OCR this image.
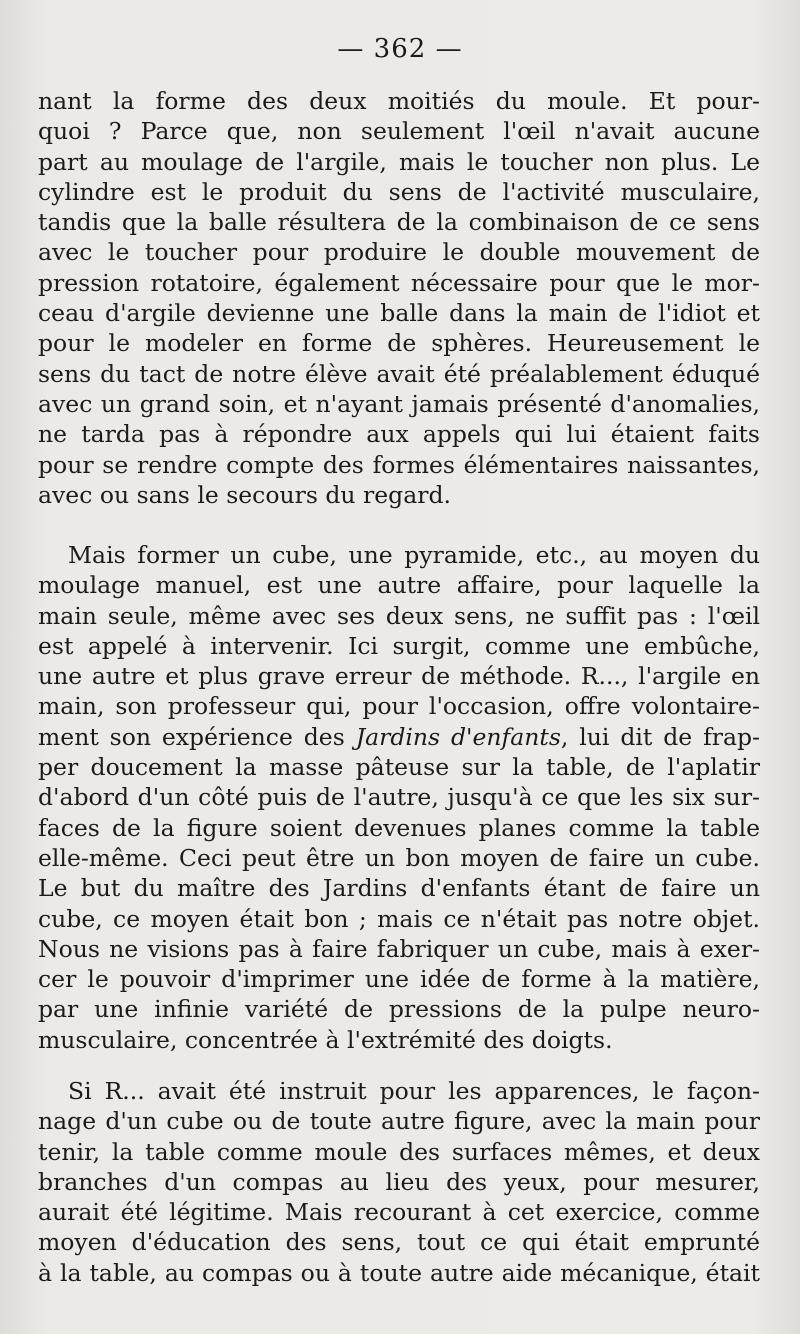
— 362 —
nant la forme des deux moitiés du moule. Et pour-
quoi ? Parce que, non seulement l'œil n'avait aucune
part au moulage de l'argile, mais le toucher non plus. Le
cylindre est le produit du sens de l'activité musculaire,
tandis que la balle résultera de la combinaison de ce sens
avec le toucher pour produire le double mouvement de
pression rotatoire, également nécessaire pour que le mor-
ceau d'argile devienne une balle dans la main de l'idiot et
pour le modeler en forme de sphères. Heureusement le
sens du tact de notre élève avait été préalablement éduqué
avec un grand soin, et n'ayant jamais présenté d'anomalies,
ne tarda pas à répondre aux appels qui lui étaient faits
pour se rendre compte des formes élémentaires naissantes,
avec ou sans le secours du regard.
Mais former un cube, une pyramide, etc., au moyen du
moulage manuel, est une autre affaire, pour laquelle la
main seule, même avec ses deux sens, ne suffit pas : l'œil
est appelé à intervenir. Ici surgit, comme une embûche,
une autre et plus grave erreur de méthode. R..., l'argile en
main, son professeur qui, pour l'occasion, offre volontaire-
ment son expérience des Jardins d'enfants, lui dit de frap-
per doucement la masse pâteuse sur la table, de l'aplatir
d'abord d'un côté puis de l'autre, jusqu'à ce que les six sur-
faces de la figure soient devenues planes comme la table
elle-même. Ceci peut être un bon moyen de faire un cube.
Le but du maître des Jardins d'enfants étant de faire un
cube, ce moyen était bon ; mais ce n'était pas notre objet.
Nous ne visions pas à faire fabriquer un cube, mais à exer-
cer le pouvoir d'imprimer une idée de forme à la matière,
par une infinie variété de pressions de la pulpe neuro-
musculaire, concentrée à l'extrémité des doigts.
Si R... avait été instruit pour les apparences, le façon-
nage d'un cube ou de toute autre figure, avec la main pour
tenir, la table comme moule des surfaces mêmes, et deux
branches d'un compas au lieu des yeux, pour mesurer,
aurait été légitime. Mais recourant à cet exercice, comme
moyen d'éducation des sens, tout ce qui était emprunté
à la table, au compas ou à toute autre aide mécanique, était
